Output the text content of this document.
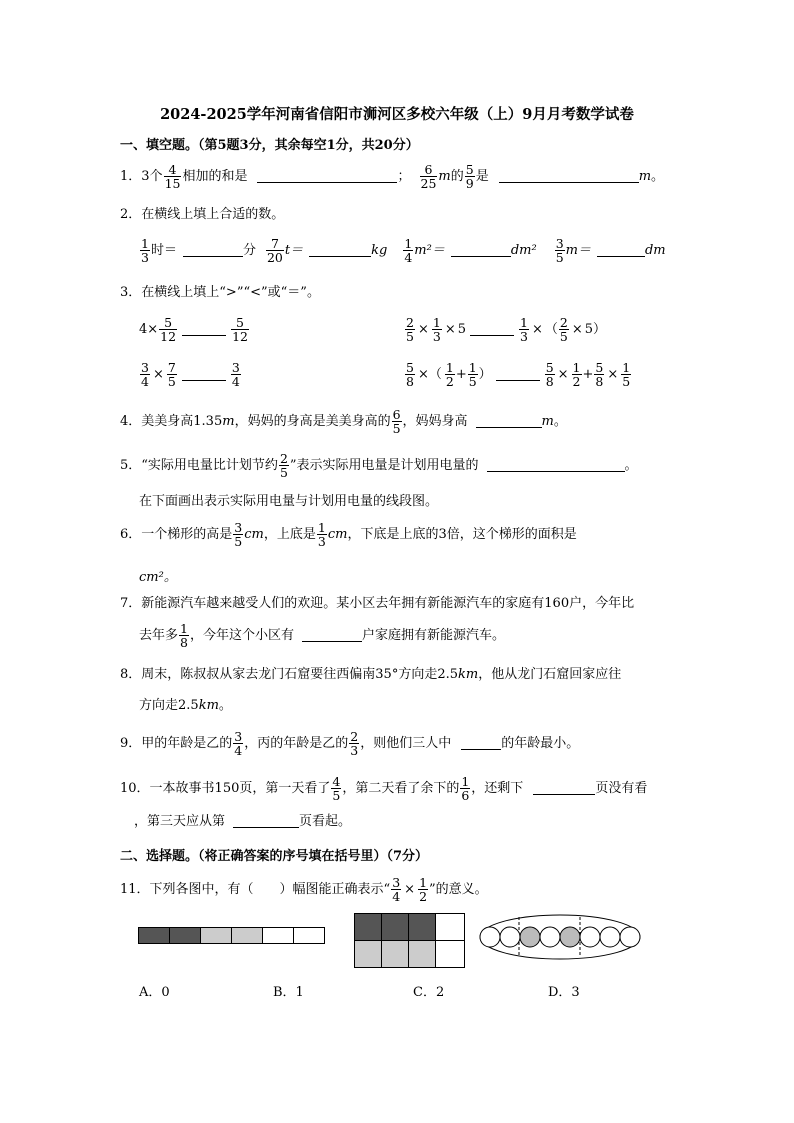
2024-2025学年河南省信阳市浉河区多校六年级（上）9月月考数学试卷
一、填空题。（第5题3分，其余每空1分，共20分）
1． 3个 $\frac{4}{15}$ 相加的和是	； $\frac{6}{25}$ m 的 $\frac{5}{9}$ 是	m 。
2． 在横线上填上合适的数。
$\frac{1}{3}$ 时＝	分 $\frac{7}{20} t=$	kg $\frac{1}{4} m^2=$	$dm^2 \frac{3}{5} m=$	dm
3． 在横线上填上“>”“<”或“＝”。
$4\times \frac{5}{12}$	$\frac{5}{12}$	$\frac{2}{5} \times \frac{1}{3} \times 5$	$\frac{1}{3}$ × （ $\frac{2}{5} \times 5$）
$\frac{3}{4} \times \frac{7}{5}$	$\frac{3}{4}$	$\frac{5}{8}$ ×（ $\frac{1}{2} + \frac{1}{5}$ ）	$\frac{5}{8} \times \frac{1}{2} + \frac{5}{8} \times \frac{1}{5}$
4． 美美身高1.35 m ，妈妈的身高是美美身高的 $\frac{6}{5}$ ，妈妈身高	m 。
5． “实际用电量比计划节约 $\frac{2}{5}$ ”表示实际用电量是计划用电量的	。
在下面画出表示实际用电量与计划用电量的线段图。
6． 一个梯形的高是 $\frac{3}{5}$ cm ，上底是 $\frac{1}{3}$ cm ，下底是上底的3倍，这个梯形的面积是
cm²。
7． 新能源汽车越来越受人们的欢迎。某小区去年拥有新能源汽车的家庭有160户，今年比
去年多 $\frac{1}{8}$ ，今年这个小区有	户家庭拥有新能源汽车。
8． 周末，陈叔叔从家去龙门石窟要往西偏南35°方向走2.5 km ，他从龙门石窟回家应往
方向走2.5 km 。
9． 甲的年龄是乙的 $\frac{3}{4}$ ，丙的年龄是乙的 $\frac{2}{3}$ ，则他们三人中	的年龄最小。
10． 一本故事书150页，第一天看了 $\frac{4}{5}$ ，第二天看了余下的 $\frac{1}{6}$ ，还剩下	页没有看
，第三天应从第	页看起。
二、选择题。（将正确答案的序号填在括号里）（7分）
11． 下列各图中，有（　　）幅图能正确表示“ $\frac{3}{4} \times \frac{1}{2}$ ”的意义。
A．0	B．1	C．2	D．3
